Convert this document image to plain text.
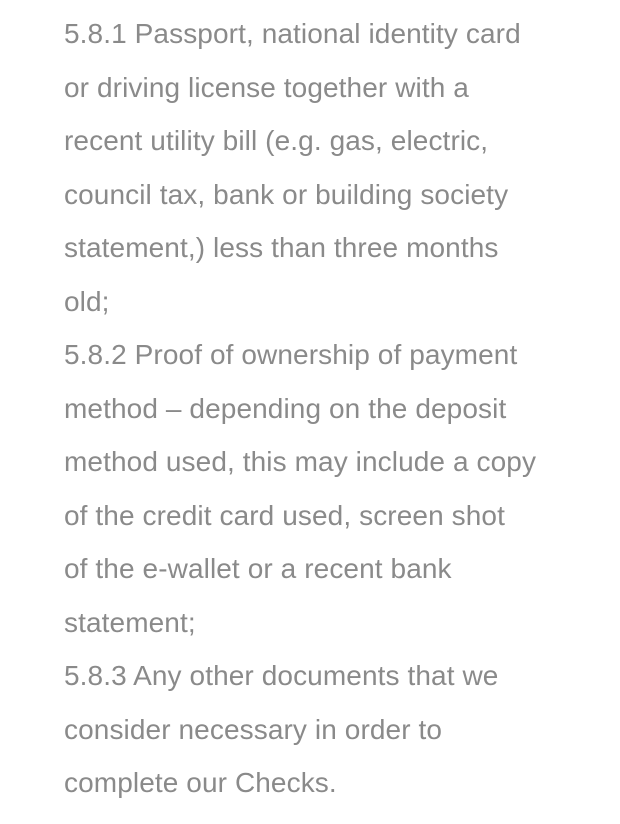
5.8.1 Passport, national identity card
or driving license together with a
recent utility bill (e.g. gas, electric,
council tax, bank or building society
statement,) less than three months
old;

5.8.2 Proof of ownership of payment
method – depending on the deposit
method used, this may include a copy
of the credit card used, screen shot
of the e-wallet or a recent bank
statement;

5.8.3 Any other documents that we
consider necessary in order to
complete our Checks.
